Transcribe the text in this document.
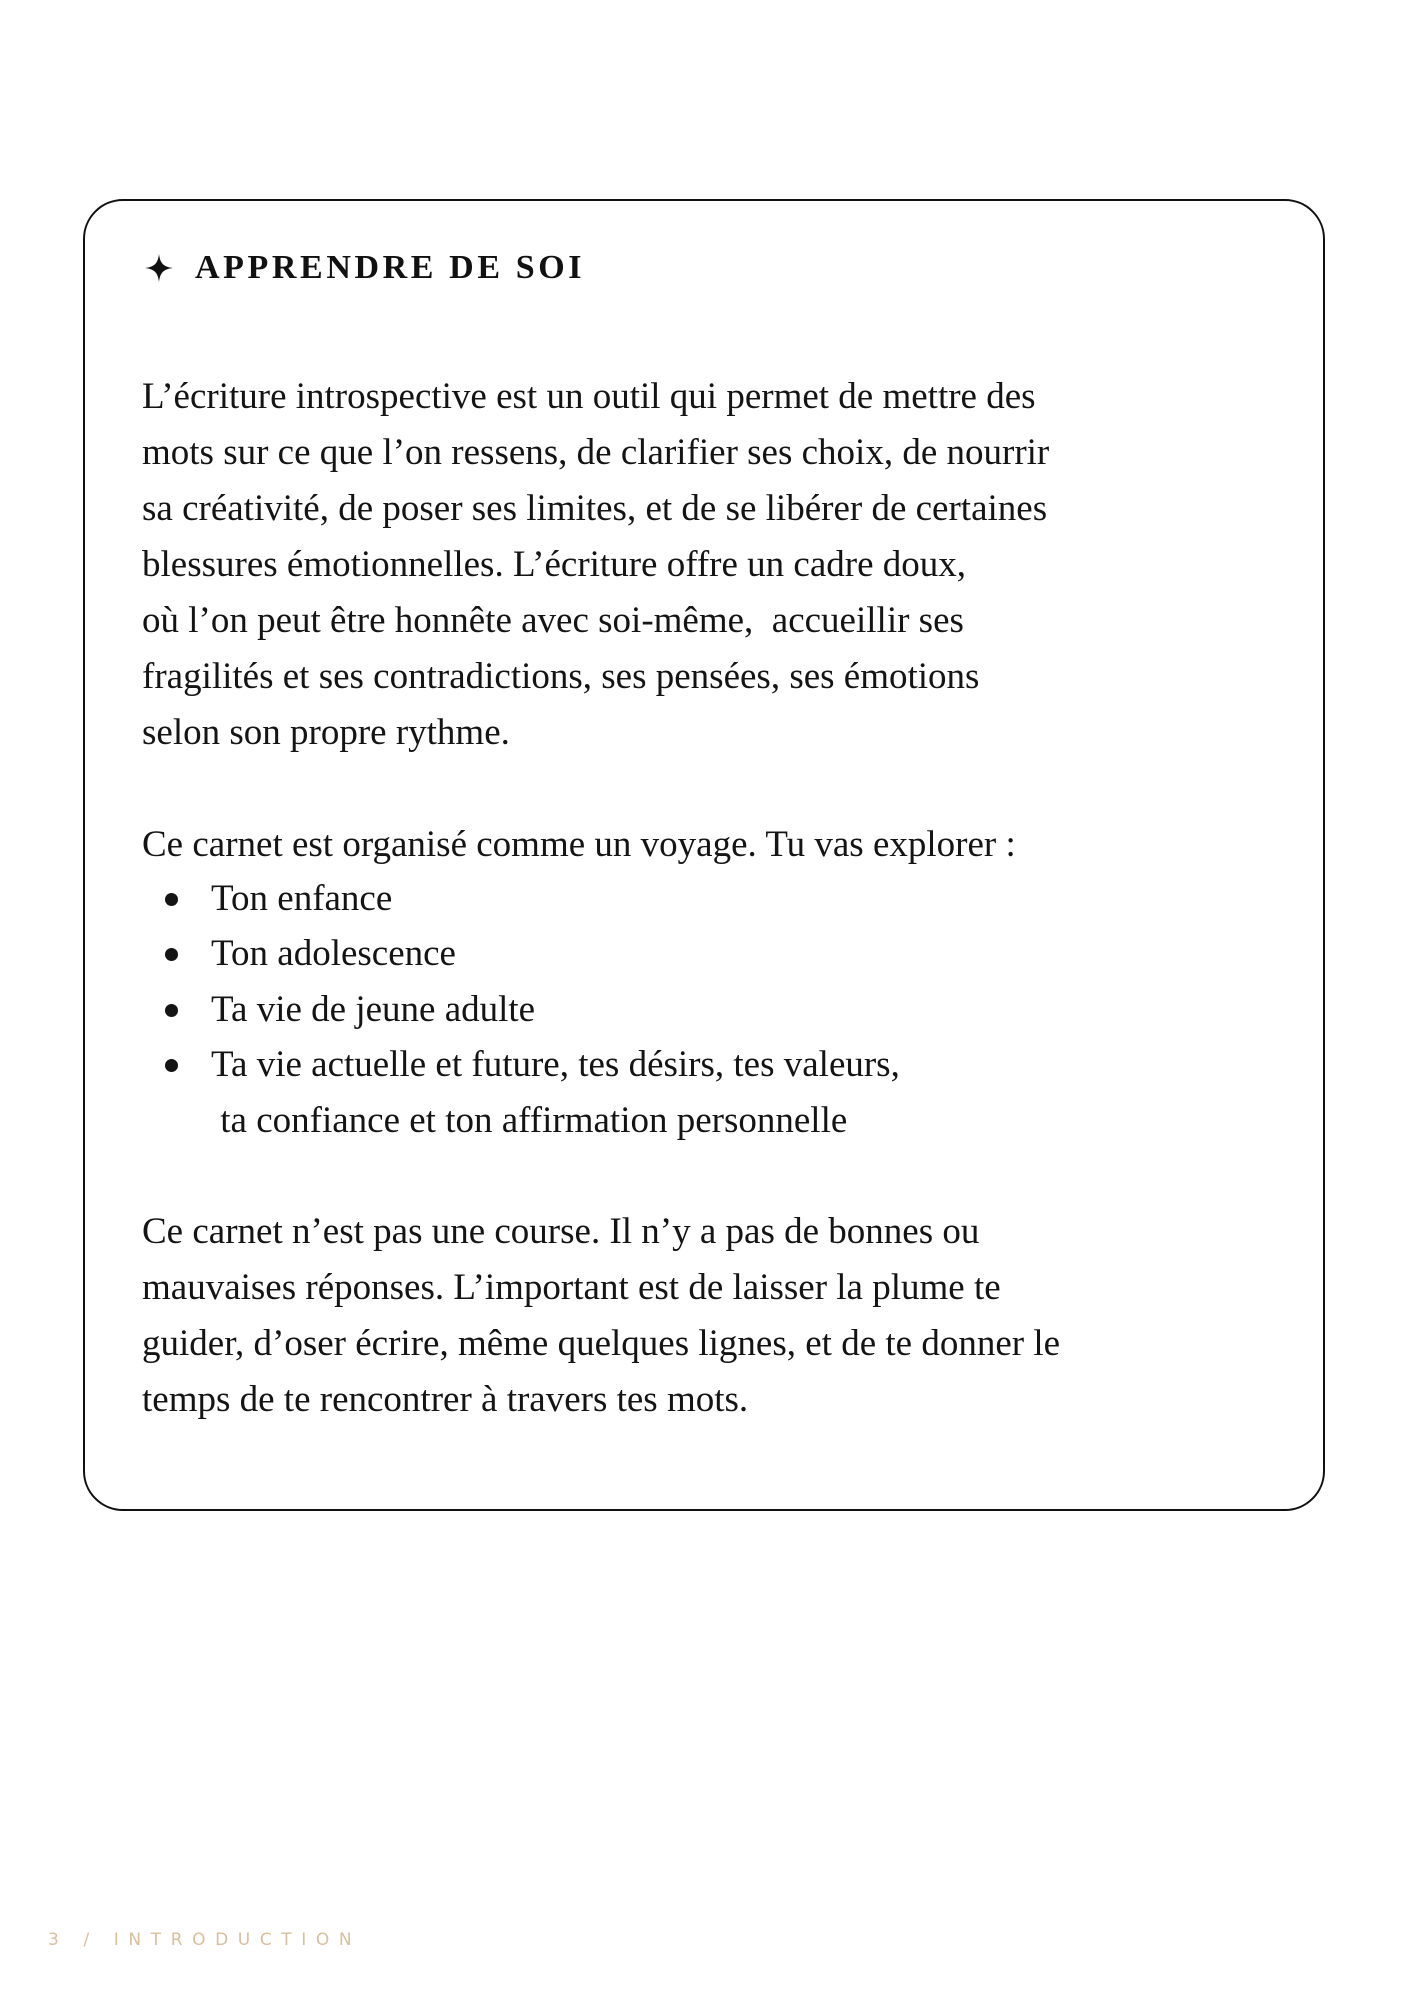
APPRENDRE DE SOI
L’écriture introspective est un outil qui permet de mettre des
mots sur ce que l’on ressens, de clarifier ses choix, de nourrir
sa créativité, de poser ses limites, et de se libérer de certaines
blessures émotionnelles. L’écriture offre un cadre doux,
où l’on peut être honnête avec soi-même,  accueillir ses
fragilités et ses contradictions, ses pensées, ses émotions
selon son propre rythme.
Ce carnet est organisé comme un voyage. Tu vas explorer :
Ton enfance
Ton adolescence
Ta vie de jeune adulte
Ta vie actuelle et future, tes désirs, tes valeurs,
ta confiance et ton affirmation personnelle
Ce carnet n’est pas une course. Il n’y a pas de bonnes ou
mauvaises réponses. L’important est de laisser la plume te
guider, d’oser écrire, même quelques lignes, et de te donner le
temps de te rencontrer à travers tes mots.
3 / INTRODUCTION
